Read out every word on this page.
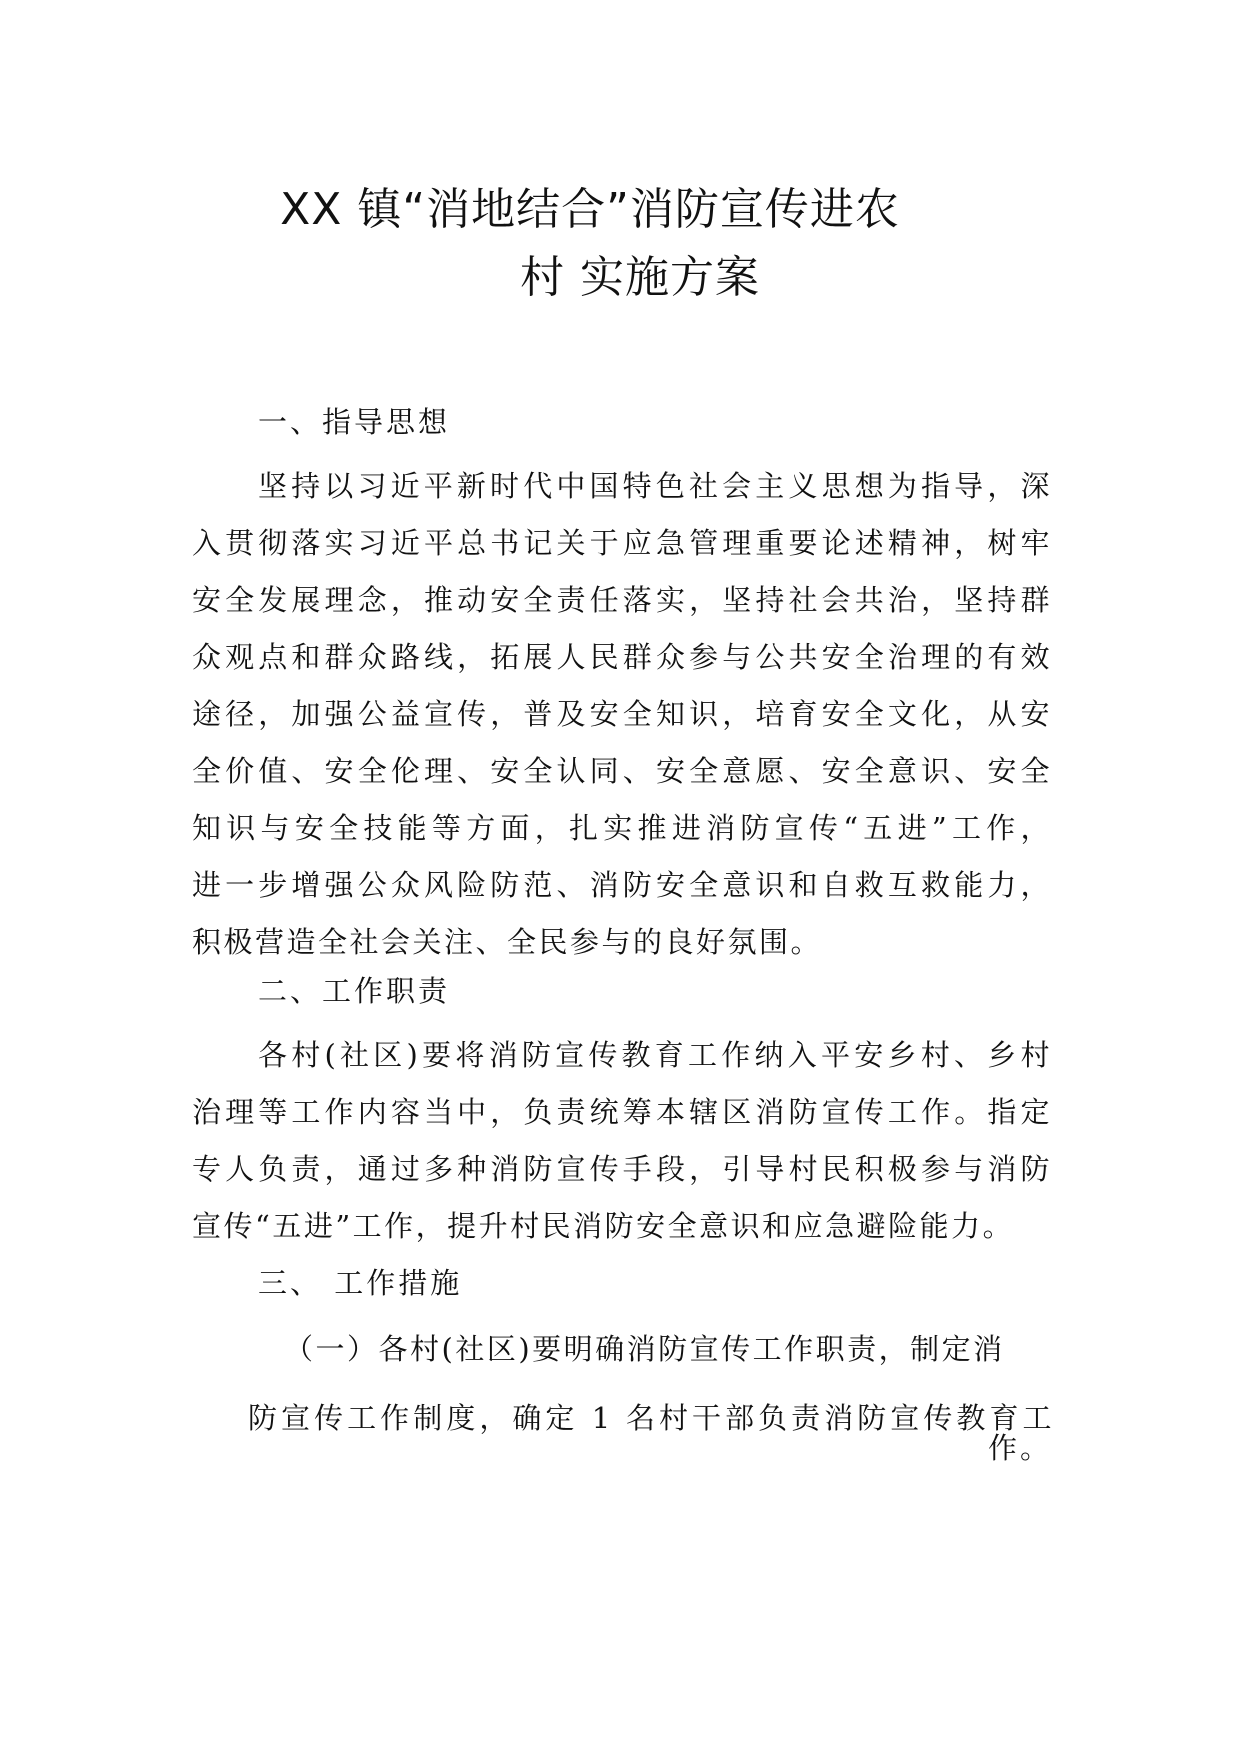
XX 镇“消地结合”消防宣传进农
村 实施方案
一、指导思想
坚持以习近平新时代中国特色社会主义思想为指导，深
入贯彻落实习近平总书记关于应急管理重要论述精神，树牢
安全发展理念，推动安全责任落实，坚持社会共治，坚持群
众观点和群众路线，拓展人民群众参与公共安全治理的有效
途径，加强公益宣传，普及安全知识，培育安全文化，从安
全价值、安全伦理、安全认同、安全意愿、安全意识、安全
知识与安全技能等方面，扎实推进消防宣传“五进”工作，
进一步增强公众风险防范、消防安全意识和自救互救能力，
积极营造全社会关注、全民参与的良好氛围。
二、工作职责
各村(社区)要将消防宣传教育工作纳入平安乡村、乡村
治理等工作内容当中，负责统筹本辖区消防宣传工作。指定
专人负责，通过多种消防宣传手段，引导村民积极参与消防
宣传“五进”工作，提升村民消防安全意识和应急避险能力。
三、 工作措施
（一）各村(社区)要明确消防宣传工作职责，制定消
防宣传工作制度，确定 1 名村干部负责消防宣传教育工
作。
